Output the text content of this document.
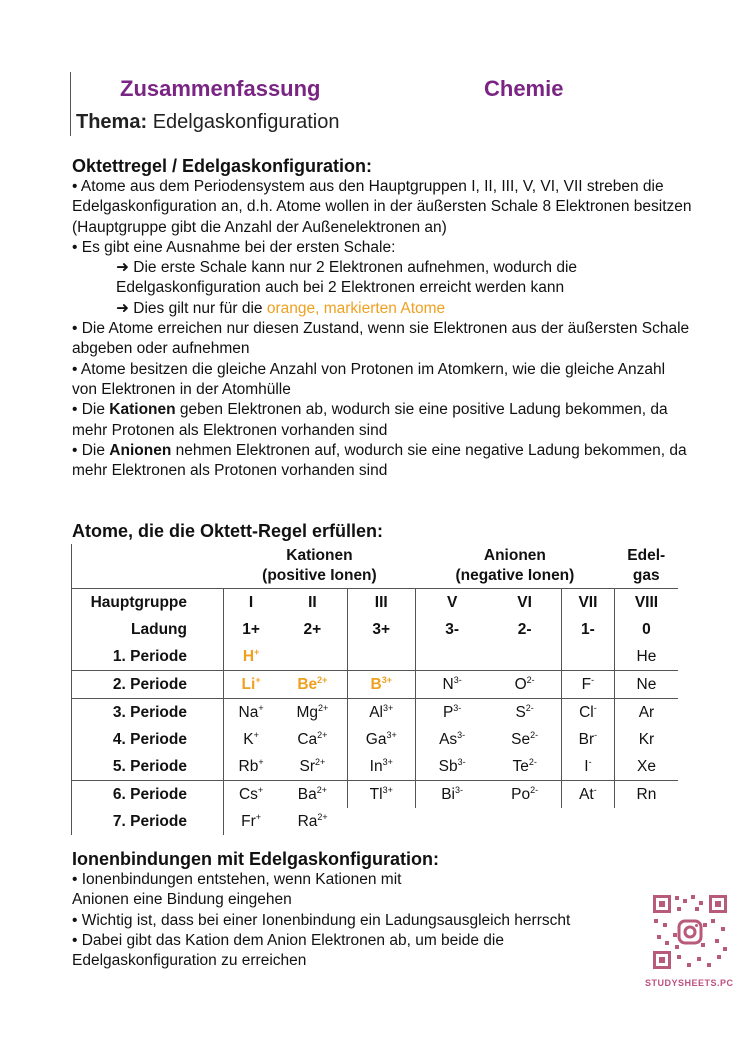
Zusammenfassung	Chemie
Thema: Edelgaskonfiguration
Oktettregel / Edelgaskonfiguration:

• Atome aus dem Periodensystem aus den Hauptgruppen I, II, III, V, VI, VII streben die Edelgaskonfiguration an, d.h. Atome wollen in der äußersten Schale 8 Elektronen besitzen

(Hauptgruppe gibt die Anzahl der Außenelektronen an)

• Es gibt eine Ausnahme bei der ersten Schale:

➜ Die erste Schale kann nur 2 Elektronen aufnehmen, wodurch die Edelgaskonfiguration auch bei 2 Elektronen erreicht werden kann

➜ Dies gilt nur für die orange, markierten Atome

• Die Atome erreichen nur diesen Zustand, wenn sie Elektronen aus der äußersten Schale abgeben oder aufnehmen

• Atome besitzen die gleiche Anzahl von Protonen im Atomkern, wie die gleiche Anzahl von Elektronen in der Atomhülle

• Die Kationen geben Elektronen ab, wodurch sie eine positive Ladung bekommen, da mehr Protonen als Elektronen vorhanden sind

• Die Anionen nehmen Elektronen auf, wodurch sie eine negative Ladung bekommen, da mehr Elektronen als Protonen vorhanden sind

Atome, die die Oktett-Regel erfüllen:
	Kationen
(positive Ionen)			Anionen
(negative Ionen)			Edel-
gas
Hauptgruppe	I	II	III	V	VI	VII	VIII
Ladung	1+	2+	3+	3-	2-	1-	0
1. Periode	H+						He
2. Periode	Li+	$Be^{2+}$	$B^{3+}$	$N^{3-}$	$O^{2-}$	F-	Ne
3. Periode	Na+	$Mg^{2+}$	$Al^{3+}$	$P^{3-}$	$S^{2-}$	Cl-	Ar
4. Periode	K+	$Ca^{2+}$	$Ga^{3+}$	$As^{3-}$	$Se^{2-}$	Br-	Kr
5. Periode	Rb+	$Sr^{2+}$	$In^{3+}$	$Sb^{3-}$	$Te^{2-}$	I-	Xe
6. Periode	Cs+	$Ba^{2+}$	$Tl^{3+}$	$Bi^{3-}$	$Po^{2-}$	At-	Rn
7. Periode	Fr+	$Ra^{2+}$					
Ionenbindungen mit Edelgaskonfiguration:

• Ionenbindungen entstehen, wenn Kationen mit

Anionen eine Bindung eingehen

• Wichtig ist, dass bei einer Ionenbindung ein Ladungsausgleich herrscht

• Dabei gibt das Kation dem Anion Elektronen ab, um beide die

Edelgaskonfiguration zu erreichen

STUDYSHEETS.PC
